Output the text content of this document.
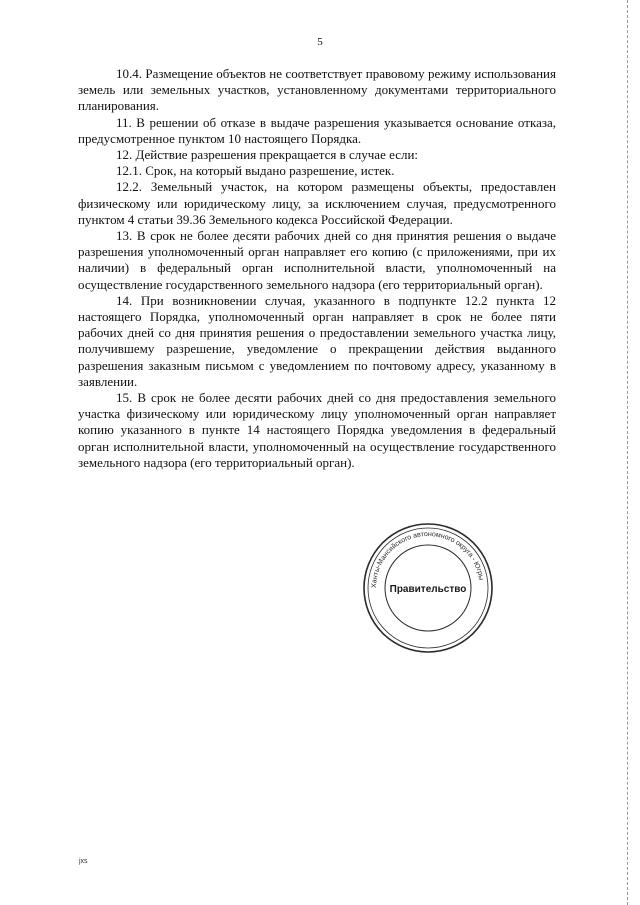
5

10.4. Размещение объектов не соответствует правовому режиму использования земель или земельных участков, установленному документами территориального планирования.

11. В решении об отказе в выдаче разрешения указывается основание отказа, предусмотренное пунктом 10 настоящего Порядка.

12. Действие разрешения прекращается в случае если:

12.1. Срок, на который выдано разрешение, истек.

12.2. Земельный участок, на котором размещены объекты, предоставлен физическому или юридическому лицу, за исключением случая, предусмотренного пунктом 4 статьи 39.36 Земельного кодекса Российской Федерации.

13. В срок не более десяти рабочих дней со дня принятия решения о выдаче разрешения уполномоченный орган направляет его копию (с приложениями, при их наличии) в федеральный орган исполнительной власти, уполномоченный на осуществление государственного земельного надзора (его территориальный орган).

14. При возникновении случая, указанного в подпункте 12.2 пункта 12 настоящего Порядка, уполномоченный орган направляет в срок не более пяти рабочих дней со дня принятия решения о предоставлении земельного участка лицу, получившему разрешение, уведомление о прекращении действия выданного разрешения заказным письмом с уведомлением по почтовому адресу, указанному в заявлении.

15. В срок не более десяти рабочих дней со дня предоставления земельного участка физическому или юридическому лицу уполномоченный орган направляет копию указанного в пункте 14 настоящего Порядка уведомления в федеральный орган исполнительной власти, уполномоченный на осуществление государственного земельного надзора (его территориальный орган).

Ханты-Мансийского автономного округа - Югры
Правительство
jxs
